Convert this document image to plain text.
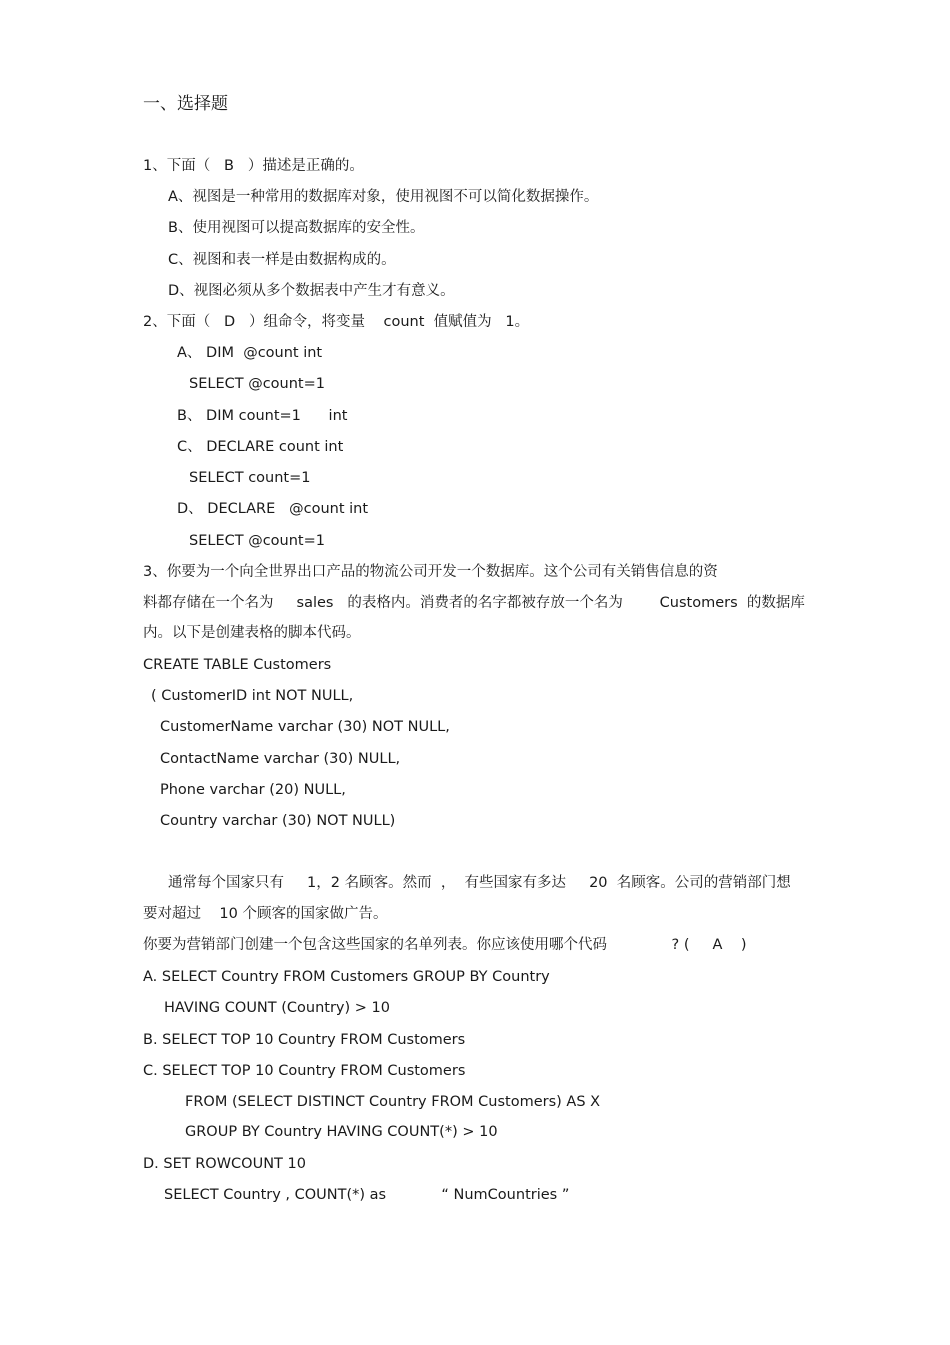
一、选择题
1、下面（   B   ）描述是正确的。
A、视图是一种常用的数据库对象，使用视图不可以简化数据操作。
B、使用视图可以提高数据库的安全性。
C、视图和表一样是由数据构成的。
D、视图必须从多个数据表中产生才有意义。
2、下面（   D   ）组命令，将变量    count  值赋值为   1。
A、 DIM  @count int
SELECT @count=1
B、 DIM count=1      int
C、 DECLARE count int
SELECT count=1
D、 DECLARE   @count int
SELECT @count=1
3、你要为一个向全世界出口产品的物流公司开发一个数据库。这个公司有关销售信息的资
料都存储在一个名为     sales   的表格内。消费者的名字都被存放一个名为        Customers  的数据库
内。以下是创建表格的脚本代码。
CREATE TABLE Customers
( CustomerID int NOT NULL,
CustomerName varchar (30) NOT NULL,
ContactName varchar (30) NULL,
Phone varchar (20) NULL,
Country varchar (30) NOT NULL)
通常每个国家只有     1，2 名顾客。然而  ，  有些国家有多达     20  名顾客。公司的营销部门想
要对超过    10 个顾客的国家做广告。
你要为营销部门创建一个包含这些国家的名单列表。你应该使用哪个代码              ? (     A    )
A. SELECT Country FROM Customers GROUP BY Country
HAVING COUNT (Country) > 10
B. SELECT TOP 10 Country FROM Customers
C. SELECT TOP 10 Country FROM Customers
FROM (SELECT DISTINCT Country FROM Customers) AS X
GROUP BY Country HAVING COUNT(*) > 10
D. SET ROWCOUNT 10
SELECT Country , COUNT(*) as            “ NumCountries ”
